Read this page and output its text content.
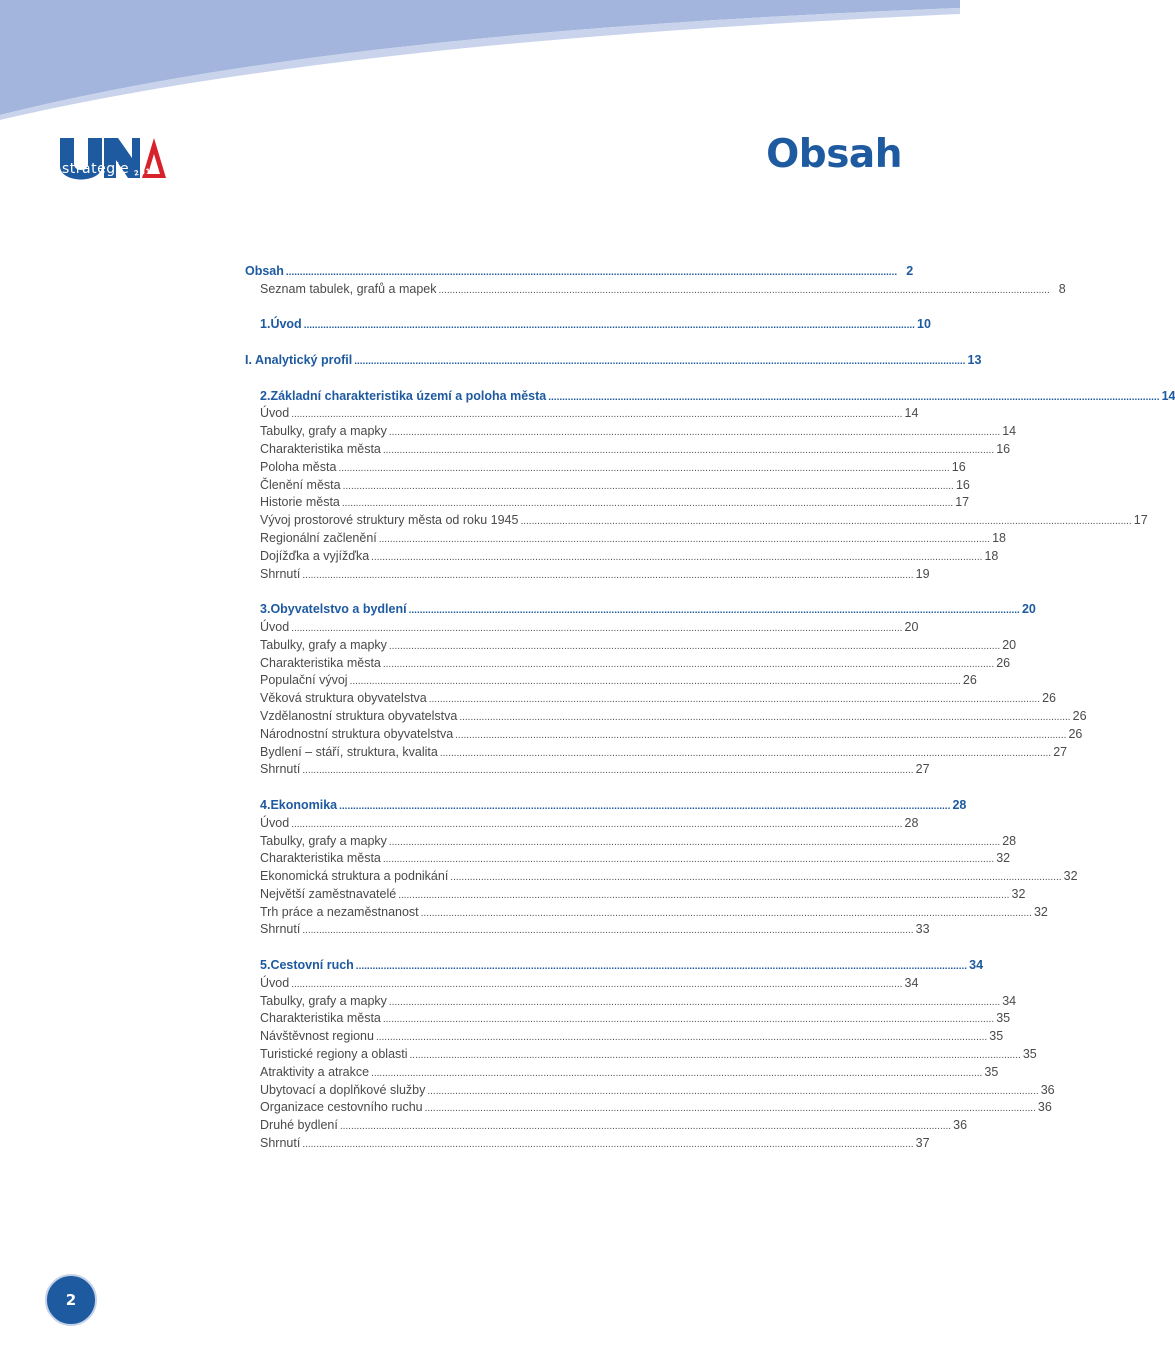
strategie 2015	Obsah
Obsah ............................................................................................................................................................................................................................ 2
Seznam tabulek, grafů a mapek ............................................................................................................................................................................................................................ 8
1. Úvod ............................................................................................................................................................................................................................ 10
I. Analytický profil ............................................................................................................................................................................................................................ 13
2. Základní charakteristika území a poloha města ............................................................................................................................................................................................................................ 14
Úvod ............................................................................................................................................................................................................................ 14
Tabulky, grafy a mapky ............................................................................................................................................................................................................................ 14
Charakteristika města ............................................................................................................................................................................................................................ 16
Poloha města ............................................................................................................................................................................................................................ 16
Členění města ............................................................................................................................................................................................................................ 16
Historie města ............................................................................................................................................................................................................................ 17
Vývoj prostorové struktury města od roku 1945 ............................................................................................................................................................................................................................ 17
Regionální začlenění ............................................................................................................................................................................................................................ 18
Dojížďka a vyjížďka ............................................................................................................................................................................................................................ 18
Shrnutí ............................................................................................................................................................................................................................ 19
3. Obyvatelstvo a bydlení ............................................................................................................................................................................................................................ 20
Úvod ............................................................................................................................................................................................................................ 20
Tabulky, grafy a mapky ............................................................................................................................................................................................................................ 20
Charakteristika města ............................................................................................................................................................................................................................ 26
Populační vývoj ............................................................................................................................................................................................................................ 26
Věková struktura obyvatelstva ............................................................................................................................................................................................................................ 26
Vzdělanostní struktura obyvatelstva ............................................................................................................................................................................................................................ 26
Národnostní struktura obyvatelstva ............................................................................................................................................................................................................................ 26
Bydlení – stáří, struktura, kvalita ............................................................................................................................................................................................................................ 27
Shrnutí ............................................................................................................................................................................................................................ 27
4. Ekonomika ............................................................................................................................................................................................................................ 28
Úvod ............................................................................................................................................................................................................................ 28
Tabulky, grafy a mapky ............................................................................................................................................................................................................................ 28
Charakteristika města ............................................................................................................................................................................................................................ 32
Ekonomická struktura a podnikání ............................................................................................................................................................................................................................ 32
Největší zaměstnavatelé ............................................................................................................................................................................................................................ 32
Trh práce a nezaměstnanost ............................................................................................................................................................................................................................ 32
Shrnutí ............................................................................................................................................................................................................................ 33
5. Cestovní ruch ............................................................................................................................................................................................................................ 34
Úvod ............................................................................................................................................................................................................................ 34
Tabulky, grafy a mapky ............................................................................................................................................................................................................................ 34
Charakteristika města ............................................................................................................................................................................................................................ 35
Návštěvnost regionu ............................................................................................................................................................................................................................ 35
Turistické regiony a oblasti ............................................................................................................................................................................................................................ 35
Atraktivity a atrakce ............................................................................................................................................................................................................................ 35
Ubytovací a doplňkové služby ............................................................................................................................................................................................................................ 36
Organizace cestovního ruchu ............................................................................................................................................................................................................................ 36
Druhé bydlení ............................................................................................................................................................................................................................ 36
Shrnutí ............................................................................................................................................................................................................................ 37
2
